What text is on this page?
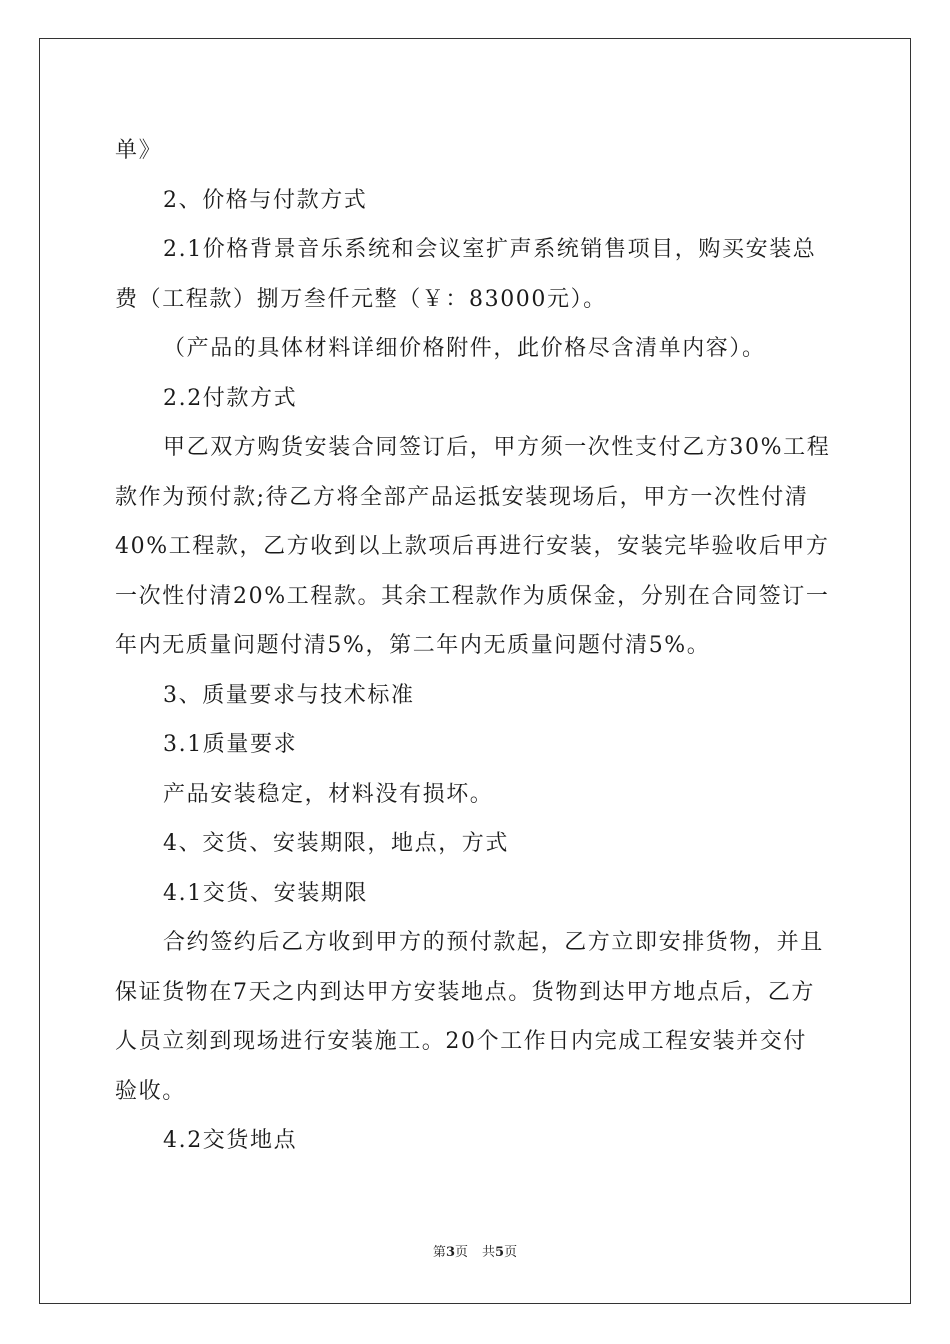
单》
2、价格与付款方式
2.1价格背景音乐系统和会议室扩声系统销售项目，购买安装总
费（工程款）捌万叁仟元整（￥：83000元）。
（产品的具体材料详细价格附件，此价格尽含清单内容）。
2.2付款方式
甲乙双方购货安装合同签订后，甲方须一次性支付乙方30%工程
款作为预付款;待乙方将全部产品运抵安装现场后，甲方一次性付清
40%工程款，乙方收到以上款项后再进行安装，安装完毕验收后甲方
一次性付清20%工程款。其余工程款作为质保金，分别在合同签订一
年内无质量问题付清5%，第二年内无质量问题付清5%。
3、质量要求与技术标准
3.1质量要求
产品安装稳定，材料没有损坏。
4、交货、安装期限，地点，方式
4.1交货、安装期限
合约签约后乙方收到甲方的预付款起，乙方立即安排货物，并且
保证货物在7天之内到达甲方安装地点。货物到达甲方地点后，乙方
人员立刻到现场进行安装施工。20个工作日内完成工程安装并交付
验收。
4.2交货地点
第3页 共5页
